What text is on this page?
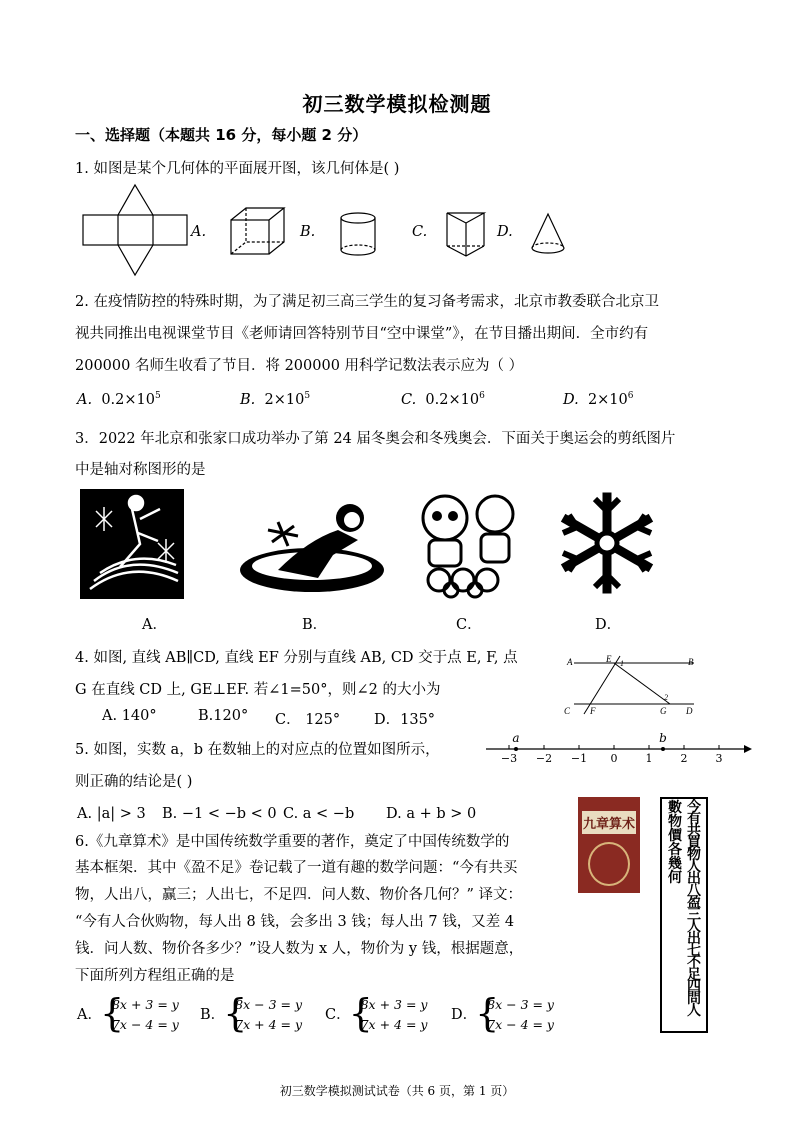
初三数学模拟检测题
一、选择题（本题共 16 分，每小题 2 分）
1. 如图是某个几何体的平面展开图，该几何体是( )
A.	B.	C.	D.
2. 在疫情防控的特殊时期，为了满足初三高三学生的复习备考需求，北京市教委联合北京卫
视共同推出电视课堂节目《老师请回答特别节目“空中课堂”》，在节目播出期间．全市约有
200000 名师生收看了节目．将 200000 用科学记数法表示应为（ ）
A. $0.2\times 10^5$	B. $2\times 10^5$	C. $0.2\times 10^6$	D. $2\times 10^6$
3．2022 年北京和张家口成功举办了第 24 届冬奥会和冬残奥会．下面关于奥运会的剪纸图片
中是轴对称图形的是
A．	B．	C．	D．
4. 如图, 直线 AB∥CD, 直线 EF 分别与直线 AB, CD 交于点 E, F, 点
G 在直线 CD 上, GE⊥EF. 若∠1=50°，则∠2 的大小为
A. 140°	B.120° C． 125° D．135°
A	E 1	B
2
C F	G D
5. 如图，实数 a，b 在数轴上的对应点的位置如图所示，
则正确的结论是( )
A. |a| > 3 B. −1 < −b < 0 C. a < −b D. a + b > 0
−3 −2 −1 0	1	2	3
a	b
6.《九章算术》是中国传统数学重要的著作，奠定了中国传统数学的
基本框架．其中《盈不足》卷记载了一道有趣的数学问题：“今有共买
物，人出八，赢三；人出七，不足四．问人数、物价各几何？” 译文：
“今有人合伙购物，每人出 8 钱，会多出 3 钱；每人出 7 钱，又差 4
钱．问人数、物价各多少？”设人数为 x 人，物价为 y 钱，根据题意，
下面所列方程组正确的是
A．
{ 8x + 3 = y
7x − 4 = y
B．
{ 8x − 3 = y
7x + 4 = y
C．
{ 8x + 3 = y
7x + 4 = y
D．
{ 8x − 3 = y
7x − 4 = y
九章算术
今有共買物人出八盈三人出七不足四問人
數物價各幾何
初三数学模拟测试试卷（共 6 页，第 1 页）
